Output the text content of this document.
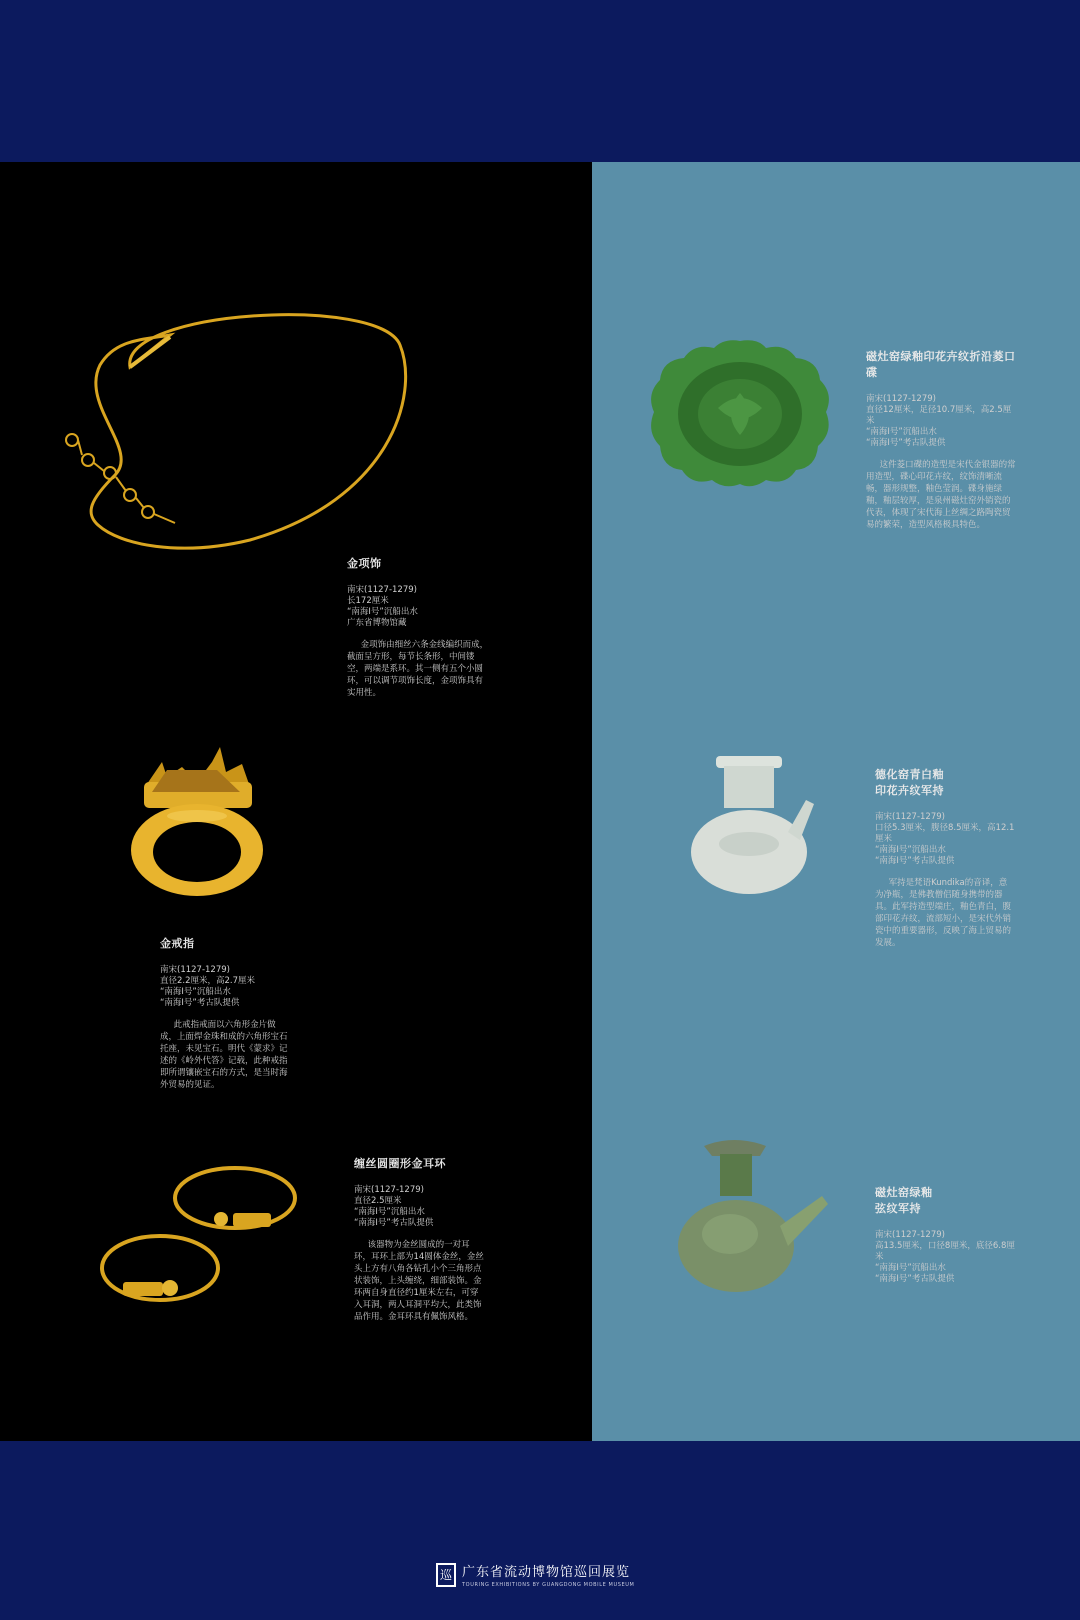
金项饰
南宋(1127-1279)
长172厘米
“南海I号”沉船出水
广东省博物馆藏
金项饰由细丝六条金线编织而成，截面呈方形，每节长条形，中间镂空，两端是系环。其一侧有五个小圆环，可以调节项饰长度，金项饰具有实用性。
金戒指
南宋(1127-1279)
直径2.2厘米，高2.7厘米
“南海I号”沉船出水
“南海I号”考古队提供
此戒指戒面以六角形金片做成，上面焊金珠和成的六角形宝石托座，未见宝石。明代《蒙求》记述的《岭外代答》记载，此种戒指即所谓镶嵌宝石的方式，是当时海外贸易的见证。
缠丝圆圈形金耳环
南宋(1127-1279)
直径2.5厘米
“南海I号”沉船出水
“南海I号”考古队提供
该器物为金丝圆成的一对耳环，耳环上部为14圆体金丝，金丝头上方有八角各钻孔小个三角形点状装饰，上头缠绕，细部装饰。金环两自身直径约1厘米左右，可穿入耳洞，两人耳洞平均大，此类饰品作用。金耳环具有佩饰风格。
磁灶窑绿釉印花卉纹折沿菱口碟
南宋(1127-1279)
直径12厘米，足径10.7厘米，高2.5厘米
“南海I号”沉船出水
“南海I号”考古队提供
这件菱口碟的造型是宋代金银器的常用造型，碟心印花卉纹，纹饰清晰流畅，器形规整，釉色莹润。碟身施绿釉，釉层较厚，是泉州磁灶窑外销瓷的代表，体现了宋代海上丝绸之路陶瓷贸易的繁荣，造型风格极具特色。
德化窑青白釉
印花卉纹军持
南宋(1127-1279)
口径5.3厘米，腹径8.5厘米，高12.1厘米
“南海I号”沉船出水
“南海I号”考古队提供
军持是梵语Kundika的音译，意为净瓶，是佛教僧侣随身携带的器具。此军持造型端庄，釉色青白，腹部印花卉纹，流部短小，是宋代外销瓷中的重要器形，反映了海上贸易的发展。
磁灶窑绿釉
弦纹军持
南宋(1127-1279)
高13.5厘米，口径8厘米，底径6.8厘米
“南海I号”沉船出水
“南海I号”考古队提供
巡 广东省流动博物馆巡回展览
TOURING EXHIBITIONS BY GUANGDONG MOBILE MUSEUM
